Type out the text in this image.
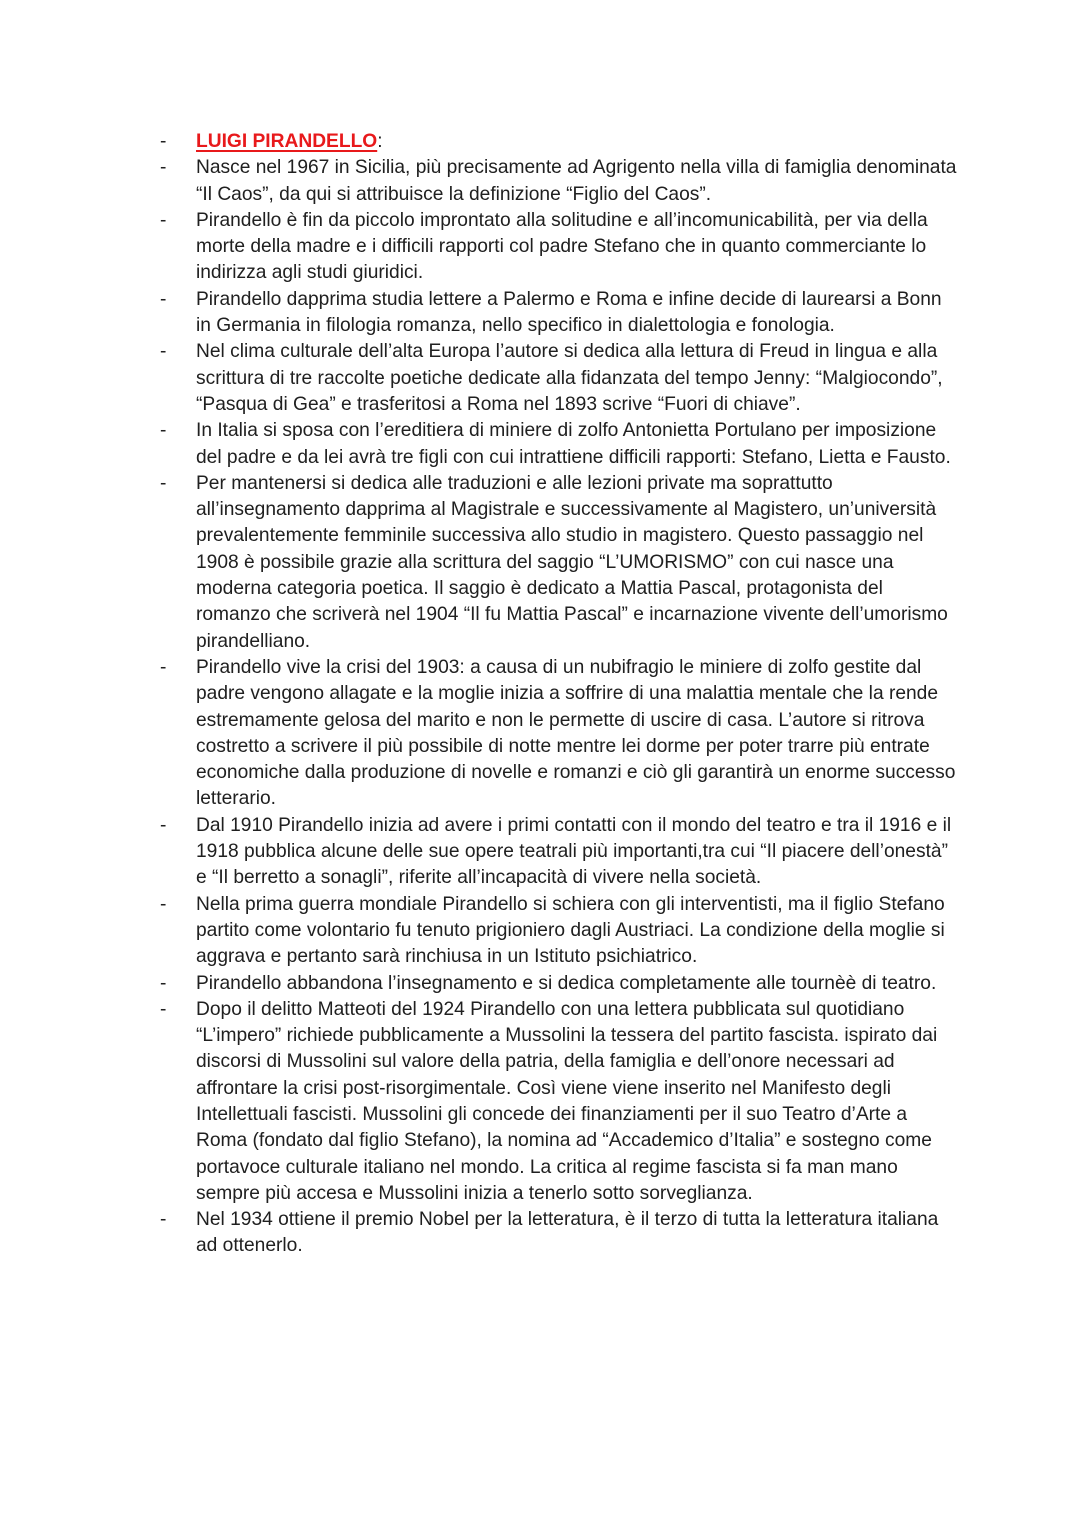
-	LUIGI PIRANDELLO:
-	Nasce nel 1967 in Sicilia, più precisamente ad Agrigento nella villa di famiglia denominata “Il Caos”, da qui si attribuisce la definizione “Figlio del Caos”.
-	Pirandello è fin da piccolo improntato alla solitudine e all’incomunicabilità, per via della morte della madre e i difficili rapporti col padre Stefano che in quanto commerciante lo indirizza agli studi giuridici.
-	Pirandello dapprima studia lettere a Palermo e Roma e infine decide di laurearsi a Bonn in Germania in filologia romanza, nello specifico in dialettologia e fonologia.
-	Nel clima culturale dell’alta Europa l’autore si dedica alla lettura di Freud in lingua e alla scrittura di tre raccolte poetiche dedicate alla fidanzata del tempo Jenny: “Malgiocondo”, “Pasqua di Gea” e trasferitosi a Roma nel 1893 scrive “Fuori di chiave”.
-	In Italia si sposa con l’ereditiera di miniere di zolfo Antonietta Portulano per imposizione del padre e da lei avrà tre figli con cui intrattiene difficili rapporti: Stefano, Lietta e Fausto.
-	Per mantenersi si dedica alle traduzioni e alle lezioni private ma soprattutto all’insegnamento dapprima al Magistrale e successivamente al Magistero, un’università prevalentemente femminile successiva allo studio in magistero. Questo passaggio nel 1908 è possibile grazie alla scrittura del saggio “L’UMORISMO” con cui nasce una moderna categoria poetica. Il saggio è dedicato a Mattia Pascal, protagonista del romanzo che scriverà nel 1904 “Il fu Mattia Pascal” e incarnazione vivente dell’umorismo pirandelliano.
-	Pirandello vive la crisi del 1903: a causa di un nubifragio le miniere di zolfo gestite dal padre vengono allagate e la moglie inizia a soffrire di una malattia mentale che la rende estremamente gelosa del marito e non le permette di uscire di casa. L’autore si ritrova costretto a scrivere il più possibile di notte mentre lei dorme per poter trarre più entrate economiche dalla produzione di novelle e romanzi e ciò gli garantirà un enorme successo letterario.
-	Dal 1910 Pirandello inizia ad avere i primi contatti con il mondo del teatro e tra il 1916 e il 1918 pubblica alcune delle sue opere teatrali più importanti,tra cui “Il piacere dell’onestà” e “Il berretto a sonagli”, riferite all’incapacità di vivere nella società.
-	Nella prima guerra mondiale Pirandello si schiera con gli interventisti, ma il figlio Stefano partito come volontario fu tenuto prigioniero dagli Austriaci. La condizione della moglie si aggrava e pertanto sarà rinchiusa in un Istituto psichiatrico.
-	Pirandello abbandona l’insegnamento e si dedica completamente alle tournèè di teatro.
-	Dopo il delitto Matteoti del 1924 Pirandello con una lettera pubblicata sul quotidiano “L’impero” richiede pubblicamente a Mussolini la tessera del partito fascista. ispirato dai discorsi di Mussolini sul valore della patria, della famiglia e dell’onore necessari ad affrontare la crisi post-risorgimentale. Così viene viene inserito nel Manifesto degli Intellettuali fascisti. Mussolini gli concede dei finanziamenti per il suo Teatro d’Arte a Roma (fondato dal figlio Stefano), la nomina ad “Accademico d’Italia” e sostegno come portavoce culturale italiano nel mondo. La critica al regime fascista si fa man mano sempre più accesa e Mussolini inizia a tenerlo sotto sorveglianza.
-	Nel 1934 ottiene il premio Nobel per la letteratura, è il terzo di tutta la letteratura italiana ad ottenerlo.
